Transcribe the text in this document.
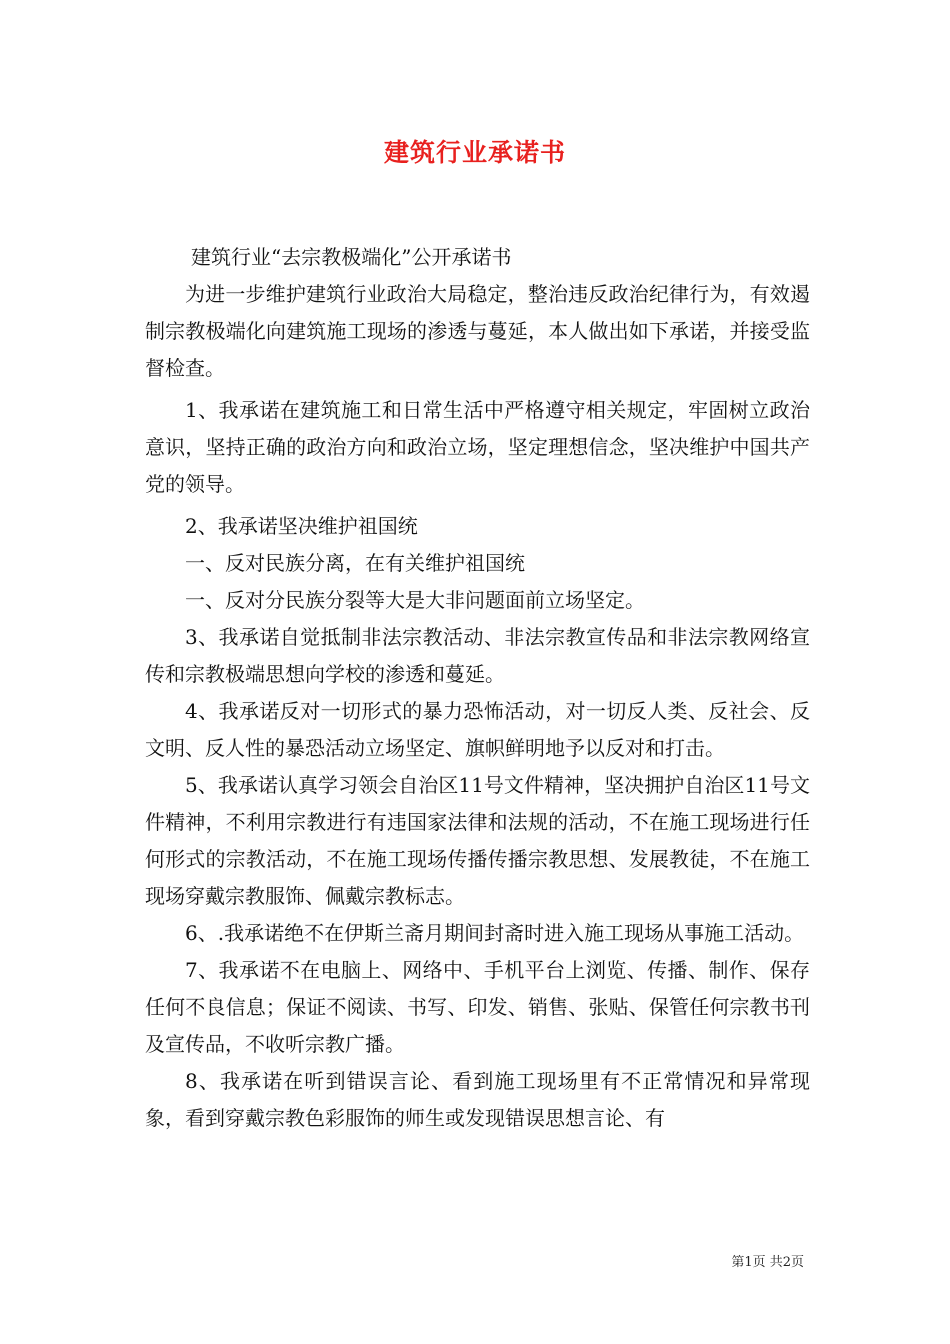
建筑行业承诺书

建筑行业“去宗教极端化”公开承诺书

为进一步维护建筑行业政治大局稳定，整治违反政治纪律行为，有效遏制宗教极端化向建筑施工现场的渗透与蔓延，本人做出如下承诺，并接受监督检查。

1、我承诺在建筑施工和日常生活中严格遵守相关规定，牢固树立政治意识，坚持正确的政治方向和政治立场，坚定理想信念，坚决维护中国共产党的领导。

2、我承诺坚决维护祖国统

一、反对民族分离，在有关维护祖国统

一、反对分民族分裂等大是大非问题面前立场坚定。

3、我承诺自觉抵制非法宗教活动、非法宗教宣传品和非法宗教网络宣传和宗教极端思想向学校的渗透和蔓延。

4、我承诺反对一切形式的暴力恐怖活动，对一切反人类、反社会、反文明、反人性的暴恐活动立场坚定、旗帜鲜明地予以反对和打击。

5、我承诺认真学习领会自治区11号文件精神，坚决拥护自治区11号文件精神，不利用宗教进行有违国家法律和法规的活动，不在施工现场进行任何形式的宗教活动，不在施工现场传播传播宗教思想、发展教徒，不在施工现场穿戴宗教服饰、佩戴宗教标志。

6、.我承诺绝不在伊斯兰斋月期间封斋时进入施工现场从事施工活动。

7、我承诺不在电脑上、网络中、手机平台上浏览、传播、制作、保存任何不良信息；保证不阅读、书写、印发、销售、张贴、保管任何宗教书刊及宣传品，不收听宗教广播。

8、我承诺在听到错误言论、看到施工现场里有不正常情况和异常现象，看到穿戴宗教色彩服饰的师生或发现错误思想言论、有

第1页 共2页
